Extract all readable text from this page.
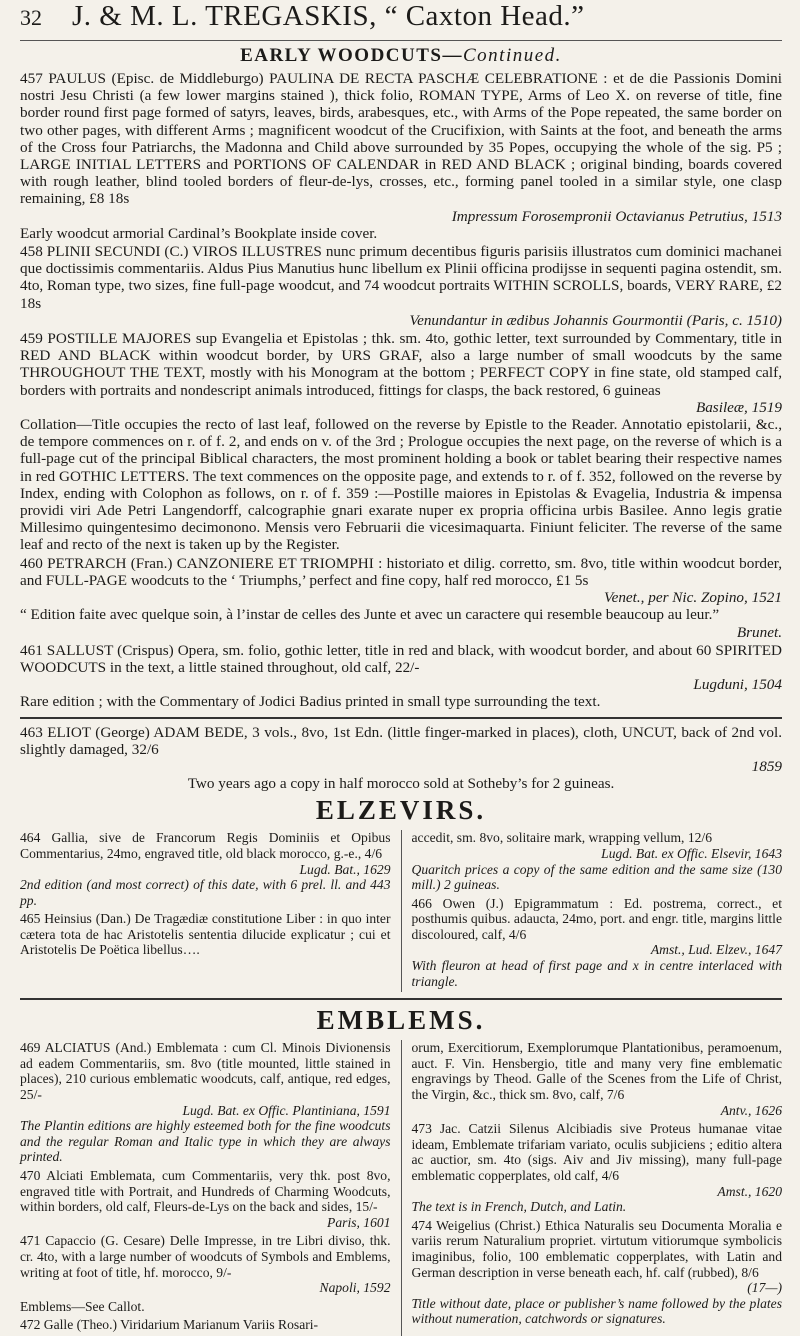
32 J. & M. L. TREGASKIS, “ Caxton Head.”
EARLY WOODCUTS—Continued.
457 PAULUS (Episc. de Middleburgo) PAULINA DE RECTA PASCHÆ CELEBRATIONE : et de die Passionis Domini nostri Jesu Christi (a few lower margins stained ), thick folio, ROMAN TYPE, Arms of Leo X. on reverse of title, fine border round first page formed of satyrs, leaves, birds, arabesques, etc., with Arms of the Pope repeated, the same border on two other pages, with different Arms ; magnificent woodcut of the Crucifixion, with Saints at the foot, and beneath the arms of the Cross four Patriarchs, the Madonna and Child above surrounded by 35 Popes, occupying the whole of the sig. P5 ; LARGE INITIAL LETTERS and PORTIONS OF CALENDAR in RED AND BLACK ; original binding, boards covered with rough leather, blind tooled borders of fleur-de-lys, crosses, etc., forming panel tooled in a similar style, one clasp remaining, £8 18s
Impressum Forosempronii Octavianus Petrutius, 1513
Early woodcut armorial Cardinal’s Bookplate inside cover.
458 PLINII SECUNDI (C.) VIROS ILLUSTRES nunc primum decentibus figuris parisiis illustratos cum dominici machanei que doctissimis commentariis. Aldus Pius Manutius hunc libellum ex Plinii officina prodijsse in sequenti pagina ostendit, sm. 4to, Roman type, two sizes, fine full-page woodcut, and 74 woodcut portraits WITHIN SCROLLS, boards, VERY RARE, £2 18s
Venundantur in ædibus Johannis Gourmontii (Paris, c. 1510)
459 POSTILLE MAJORES sup Evangelia et Epistolas ; thk. sm. 4to, gothic letter, text surrounded by Commentary, title in RED AND BLACK within woodcut border, by URS GRAF, also a large number of small woodcuts by the same THROUGHOUT THE TEXT, mostly with his Monogram at the bottom ; PERFECT COPY in fine state, old stamped calf, borders with portraits and nondescript animals introduced, fittings for clasps, the back restored, 6 guineas
Basileæ, 1519
Collation—Title occupies the recto of last leaf, followed on the reverse by Epistle to the Reader. Annotatio epistolarii, &c., de tempore commences on r. of f. 2, and ends on v. of the 3rd ; Prologue occupies the next page, on the reverse of which is a full-page cut of the principal Biblical characters, the most prominent holding a book or tablet bearing their respective names in red GOTHIC LETTERS. The text commences on the opposite page, and extends to r. of f. 352, followed on the reverse by Index, ending with Colophon as follows, on r. of f. 359 :—Postille maiores in Epistolas & Evagelia, Industria & impensa providi viri Ade Petri Langendorff, calcographie gnari exarate nuper ex propria officina urbis Basilee. Anno legis gratie Millesimo quingentesimo decimonono. Mensis vero Februarii die vicesimaquarta. Finiunt feliciter. The reverse of the same leaf and recto of the next is taken up by the Register.
460 PETRARCH (Fran.) CANZONIERE ET TRIOMPHI : historiato et dilig. corretto, sm. 8vo, title within woodcut border, and FULL-PAGE woodcuts to the ‘ Triumphs,’ perfect and fine copy, half red morocco, £1 5s
Venet., per Nic. Zopino, 1521
“ Edition faite avec quelque soin, à l’instar de celles des Junte et avec un caractere qui resemble beaucoup au leur.”
Brunet.
461 SALLUST (Crispus) Opera, sm. folio, gothic letter, title in red and black, with woodcut border, and about 60 SPIRITED WOODCUTS in the text, a little stained throughout, old calf, 22/-
Lugduni, 1504
Rare edition ; with the Commentary of Jodici Badius printed in small type surrounding the text.
463 ELIOT (George) ADAM BEDE, 3 vols., 8vo, 1st Edn. (little finger-marked in places), cloth, UNCUT, back of 2nd vol. slightly damaged, 32/6
1859
Two years ago a copy in half morocco sold at Sotheby’s for 2 guineas.
ELZEVIRS.

464 Gallia, sive de Francorum Regis Dominiis et Opibus Commentarius, 24mo, engraved title, old black morocco, g.-e., 4/6
Lugd. Bat., 1629
2nd edition (and most correct) of this date, with 6 prel. ll. and 443 pp.

465 Heinsius (Dan.) De Tragædiæ constitutione Liber : in quo inter cætera tota de hac Aristotelis sententia dilucide explicatur ; cui et Aristotelis De Poëtica libellus….

accedit, sm. 8vo, solitaire mark, wrapping vellum, 12/6
Lugd. Bat. ex Offic. Elsevir, 1643
Quaritch prices a copy of the same edition and the same size (130 mill.) 2 guineas.

466 Owen (J.) Epigrammatum : Ed. postrema, correct., et posthumis quibus. adaucta, 24mo, port. and engr. title, margins little discoloured, calf, 4/6
Amst., Lud. Elzev., 1647
With fleuron at head of first page and x in centre interlaced with triangle.

EMBLEMS.

469 ALCIATUS (And.) Emblemata : cum Cl. Minois Divionensis ad eadem Commentariis, sm. 8vo (title mounted, little stained in places), 210 curious emblematic woodcuts, calf, antique, red edges, 25/-
Lugd. Bat. ex Offic. Plantiniana, 1591
The Plantin editions are highly esteemed both for the fine woodcuts and the regular Roman and Italic type in which they are always printed.

470 Alciati Emblemata, cum Commentariis, very thk. post 8vo, engraved title with Portrait, and Hundreds of Charming Woodcuts, within borders, old calf, Fleurs-de-Lys on the back and sides, 15/-
Paris, 1601

471 Capaccio (G. Cesare) Delle Impresse, in tre Libri diviso, thk. cr. 4to, with a large number of woodcuts of Symbols and Emblems, writing at foot of title, hf. morocco, 9/-
Napoli, 1592

Emblems—See Callot.

472 Galle (Theo.) Viridarium Marianum Variis Rosari-

orum, Exercitiorum, Exemplorumque Plantationibus, peramoenum, auct. F. Vin. Hensbergio, title and many very fine emblematic engravings by Theod. Galle of the Scenes from the Life of Christ, the Virgin, &c., thick sm. 8vo, calf, 7/6
Antv., 1626

473 Jac. Catzii Silenus Alcibiadis sive Proteus humanae vitae ideam, Emblemate trifariam variato, oculis subjiciens ; editio altera ac auctior, sm. 4to (sigs. Aiv and Jiv missing), many full-page emblematic copperplates, old calf, 4/6
Amst., 1620
The text is in French, Dutch, and Latin.

474 Weigelius (Christ.) Ethica Naturalis seu Documenta Moralia e variis rerum Naturalium propriet. virtutum vitiorumque symbolicis imaginibus, folio, 100 emblematic copperplates, with Latin and German description in verse beneath each, hf. calf (rubbed), 8/6
(17—)
Title without date, place or publisher’s name followed by the plates without numeration, catchwords or signatures.
